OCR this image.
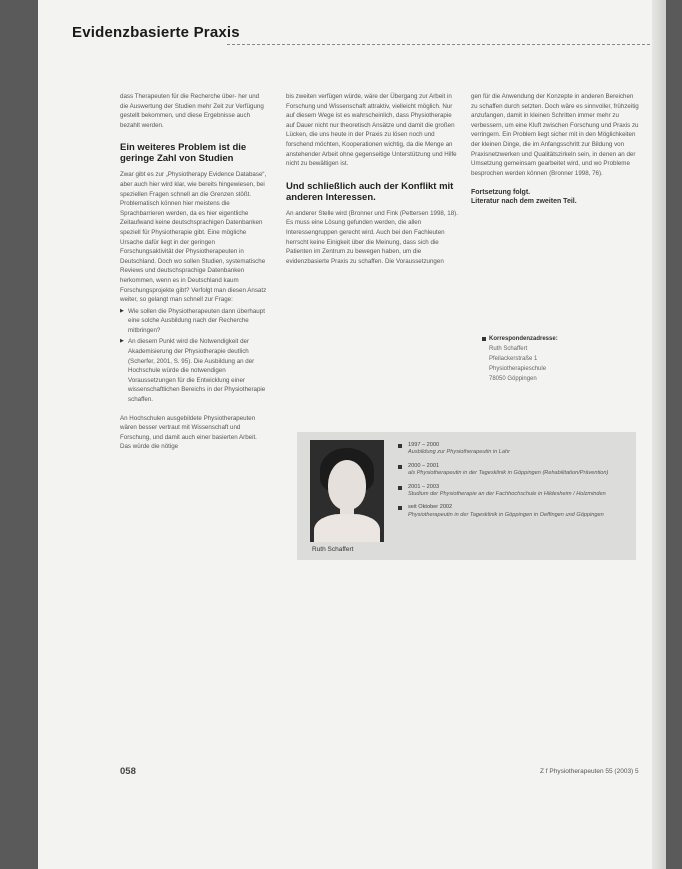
Evidenzbasierte Praxis

dass Therapeuten für die Recherche über- her und die Auswertung der Studien mehr Zeit zur Verfügung gestellt bekommen, und diese Ergebnisse auch bezahlt werden.

Ein weiteres Problem ist die geringe Zahl von Studien

Zwar gibt es zur „Physiotherapy Evidence Database“, aber auch hier wird klar, wie bereits hingewiesen, bei speziellen Fragen schnell an die Grenzen stößt. Problematisch können hier meistens die Sprachbarrieren werden, da es hier eigentliche Zeitaufwand keine deutschsprachigen Datenbanken speziell für Physiotherapie gibt. Eine mögliche Ursache dafür liegt in der geringen Forschungsaktivität der Physiotherapeuten in Deutschland. Doch wo sollen Studien, systematische Reviews und deutschsprachige Datenbanken herkommen, wenn es in Deutschland kaum Forschungsprojekte gibt? Verfolgt man diesen Ansatz weiter, so gelangt man schnell zur Frage:

▶ Wie sollen die Physiotherapeuten dann überhaupt eine solche Ausbildung nach der Recherche mitbringen?
▶ An diesem Punkt wird die Notwendigkeit der Akademisierung der Physiotherapie deutlich (Scherfer, 2001, S. 95). Die Ausbildung an der Hochschule würde die notwendigen Voraussetzungen für die Entwicklung einer wissenschaftlichen Bereichs in der Physiotherapie schaffen.

An Hochschulen ausgebildete Physiotherapeuten wären besser vertraut mit Wissenschaft und Forschung, und damit auch einer basierten Arbeit. Das würde die nötige

bis zweiten verfügen würde, wäre der Übergang zur Arbeit in Forschung und Wissenschaft attraktiv, vielleicht möglich. Nur auf diesem Wege ist es wahrscheinlich, dass Physiotherapie auf Dauer nicht nur theoretisch Ansätze und damit die großen Lücken, die uns heute in der Praxis zu lösen noch und forschend möchten, Kooperationen wichtig, da die Menge an anstehender Arbeit ohne gegenseitige Unterstützung und Hilfe nicht zu bewältigen ist.

Und schließlich auch der Konflikt mit anderen Interessen.

An anderer Stelle wird (Bronner und Fink (Pettersen 1998, 18). Es muss eine Lösung gefunden werden, die allen Interessengruppen gerecht wird. Auch bei den Fachleuten herrscht keine Einigkeit über die Meinung, dass sich die Patienten im Zentrum zu bewegen haben, um die evidenzbasierte Praxis zu schaffen. Die Voraussetzungen

gen für die Anwendung der Konzepte in anderen Bereichen zu schaffen durch setzten. Doch wäre es sinnvoller, frühzeitig anzufangen, damit in kleinen Schritten immer mehr zu verbessern, um eine Kluft zwischen Forschung und Praxis zu verringern. Ein Problem liegt sicher mit in den Möglichkeiten der kleinen Dinge, die im Anfangsschritt zur Bildung von Praxisnetzwerken und Qualitätszirkeln sein, in denen an der Umsetzung gemeinsam gearbeitet wird, und wo Probleme besprochen werden können (Bronner 1998, 76).

Fortsetzung folgt.
Literatur nach dem zweiten Teil.
Korrespondenzadresse:
Ruth Schaffert
Pfeilackerstraße 1
Physiotherapieschule
78050 Göppingen
Ruth Schaffert
1997 – 2000
Ausbildung zur Physiotherapeutin in Lahr
2000 – 2001
als Physiotherapeutin in der Tagesklinik in Göppingen (Rehabilitation/Prävention)
2001 – 2003
Studium der Physiotherapie an der Fachhochschule in Hildesheim / Holzminden
seit Oktober 2002
Physiotherapeutin in der Tagesklinik in Göppingen in Oeffingen und Göppingen
058	Z f Physiotherapeuten 55 (2003) 5
